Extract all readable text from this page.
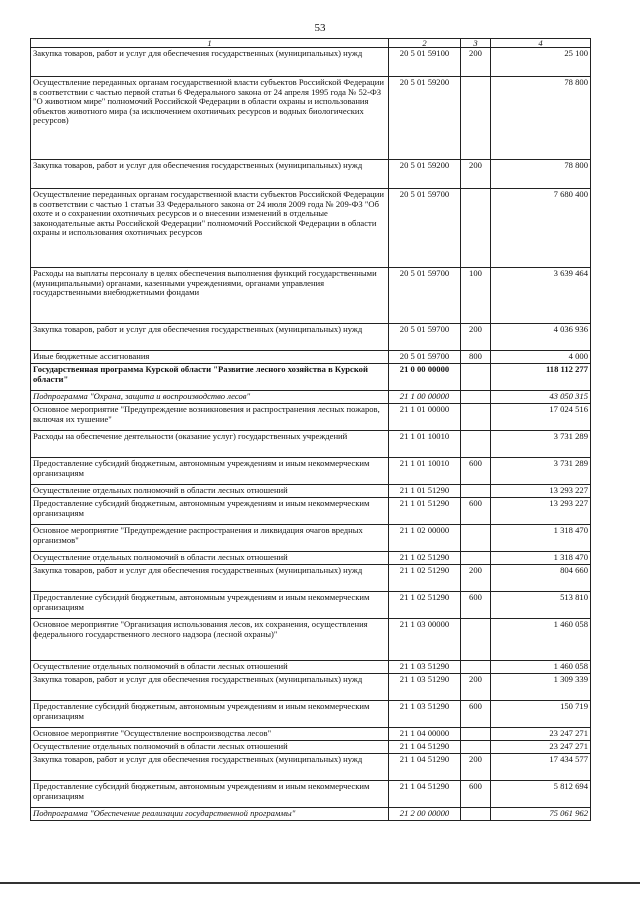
53
1	2	3	4
Закупка товаров, работ и услуг для обеспечения государственных (муниципальных) нужд	20 5 01 59100	200	25 100
Осуществление переданных органам государственной власти субъектов Российской Федерации в соответствии с частью первой статьи 6 Федерального закона от 24 апреля 1995 года № 52-ФЗ "О животном мире" полномочий Российской Федерации в области охраны и использования объектов животного мира (за исключением охотничьих ресурсов и водных биологических ресурсов)	20 5 01 59200		78 800
Закупка товаров, работ и услуг для обеспечения государственных (муниципальных) нужд	20 5 01 59200	200	78 800
Осуществление переданных органам государственной власти субъектов Российской Федерации в соответствии с частью 1 статьи 33 Федерального закона от 24 июля 2009 года № 209-ФЗ "Об охоте и о сохранении охотничьих ресурсов и о внесении изменений в отдельные законодательные акты Российской Федерации" полномочий Российской Федерации в области охраны и использования охотничьих ресурсов	20 5 01 59700		7 680 400
Расходы на выплаты персоналу в целях обеспечения выполнения функций государственными (муниципальными) органами, казенными учреждениями, органами управления государственными внебюджетными фондами	20 5 01 59700	100	3 639 464
Закупка товаров, работ и услуг для обеспечения государственных (муниципальных) нужд	20 5 01 59700	200	4 036 936
Иные бюджетные ассигнования	20 5 01 59700	800	4 000
Государственная программа Курской области "Развитие лесного хозяйства в Курской области"	21 0 00 00000		118 112 277
Подпрограмма "Охрана, защита и воспроизводство лесов"	21 1 00 00000		43 050 315
Основное мероприятие "Предупреждение возникновения и распространения лесных пожаров, включая их тушение"	21 1 01 00000		17 024 516
Расходы на обеспечение деятельности (оказание услуг) государственных учреждений	21 1 01 10010		3 731 289
Предоставление субсидий бюджетным, автономным учреждениям и иным некоммерческим организациям	21 1 01 10010	600	3 731 289
Осуществление отдельных полномочий в области лесных отношений	21 1 01 51290		13 293 227
Предоставление субсидий бюджетным, автономным учреждениям и иным некоммерческим организациям	21 1 01 51290	600	13 293 227
Основное мероприятие "Предупреждение распространения и ликвидация очагов вредных организмов"	21 1 02 00000		1 318 470
Осуществление отдельных полномочий в области лесных отношений	21 1 02 51290		1 318 470
Закупка товаров, работ и услуг для обеспечения государственных (муниципальных) нужд	21 1 02 51290	200	804 660
Предоставление субсидий бюджетным, автономным учреждениям и иным некоммерческим организациям	21 1 02 51290	600	513 810
Основное мероприятие "Организация использования лесов, их сохранения, осуществления федерального государственного лесного надзора (лесной охраны)"	21 1 03 00000		1 460 058
Осуществление отдельных полномочий в области лесных отношений	21 1 03 51290		1 460 058
Закупка товаров, работ и услуг для обеспечения государственных (муниципальных) нужд	21 1 03 51290	200	1 309 339
Предоставление субсидий бюджетным, автономным учреждениям и иным некоммерческим организациям	21 1 03 51290	600	150 719
Основное мероприятие "Осуществление воспроизводства лесов"	21 1 04 00000		23 247 271
Осуществление отдельных полномочий в области лесных отношений	21 1 04 51290		23 247 271
Закупка товаров, работ и услуг для обеспечения государственных (муниципальных) нужд	21 1 04 51290	200	17 434 577
Предоставление субсидий бюджетным, автономным учреждениям и иным некоммерческим организациям	21 1 04 51290	600	5 812 694
Подпрограмма "Обеспечение реализации государственной программы"	21 2 00 00000		75 061 962
